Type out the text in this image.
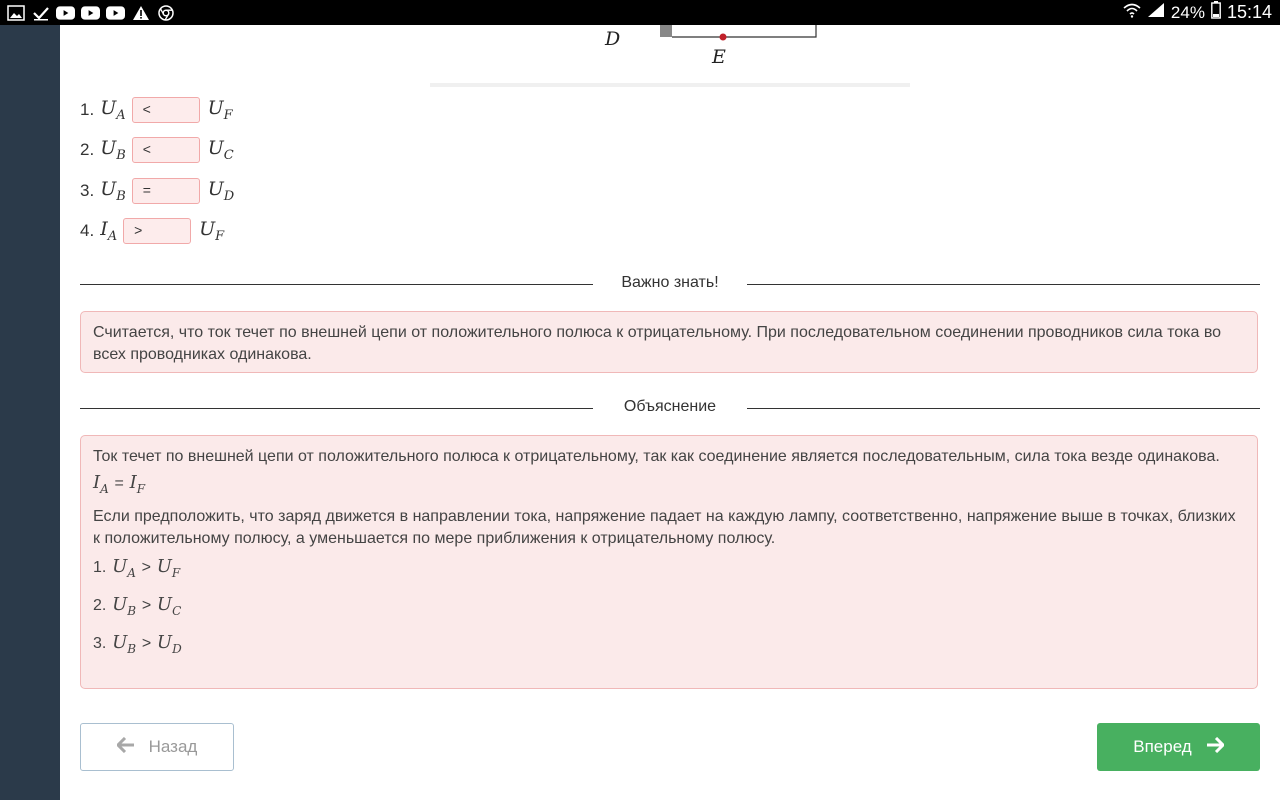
24% 15:14
D
E
1. $U_A$	<	$U_F$
2. $U_B$	<	$U_C$
3. $U_B$	=	$U_D$
4. $I_A$	>	$U_F$
Важно знать!
Считается, что ток течет по внешней цепи от положительного полюса к отрицательному. При последовательном соединении проводников сила тока во всех проводниках одинакова.
Объяснение
Ток течет по внешней цепи от положительного полюса к отрицательному, так как соединение является последовательным, сила тока везде одинакова.
$I_A = I_F$
Если предположить, что заряд движется в направлении тока, напряжение падает на каждую лампу, соответственно, напряжение выше в точках, близких к положительному полюсу, а уменьшается по мере приближения к отрицательному полюсу.
1. $U_A > U_F$
2. $U_B > U_C$
3. $U_B > U_D$
Назад	Вперед
